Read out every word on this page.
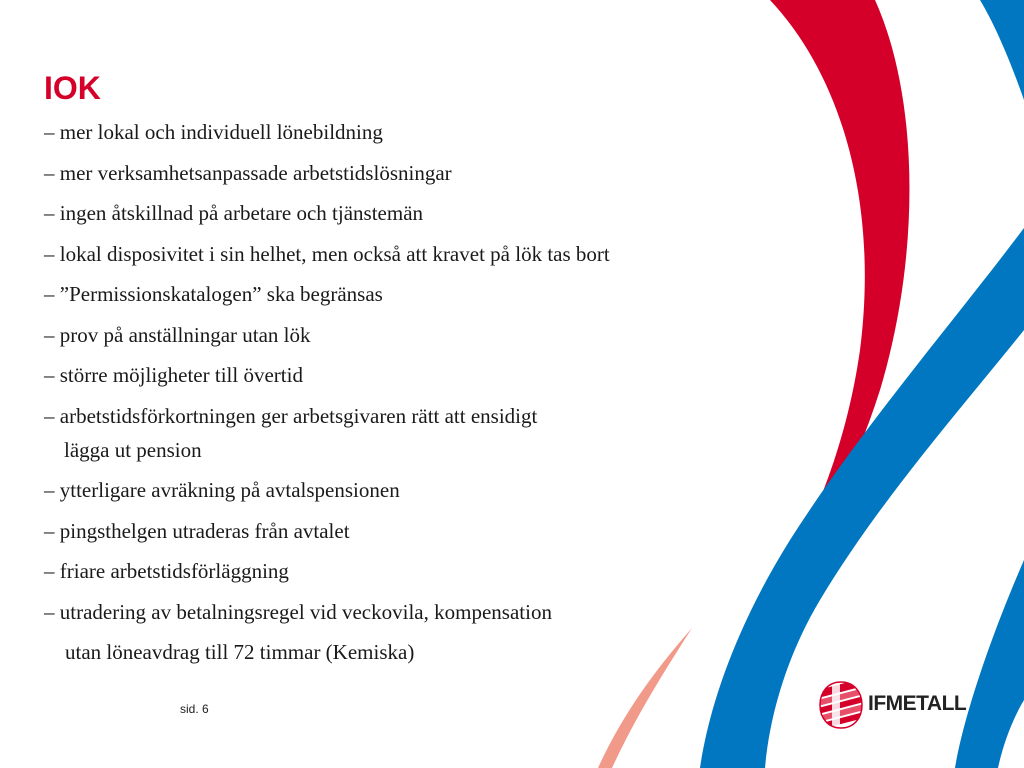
IOK
– mer lokal och individuell lönebildning
– mer verksamhetsanpassade arbetstidslösningar
– ingen åtskillnad på arbetare och tjänstemän
– lokal disposivitet i sin helhet, men också att kravet på lök tas bort
– ”Permissionskatalogen” ska begränsas
– prov på anställningar utan lök
– större möjligheter till övertid
– arbetstidsförkortningen ger arbetsgivaren rätt att ensidigt
lägga ut pension
– ytterligare avräkning på avtalspensionen
– pingsthelgen utraderas från avtalet
– friare arbetstidsförläggning
– utradering av betalningsregel vid veckovila, kompensation
utan löneavdrag till 72 timmar (Kemiska)
sid. 6	IFMETALL
